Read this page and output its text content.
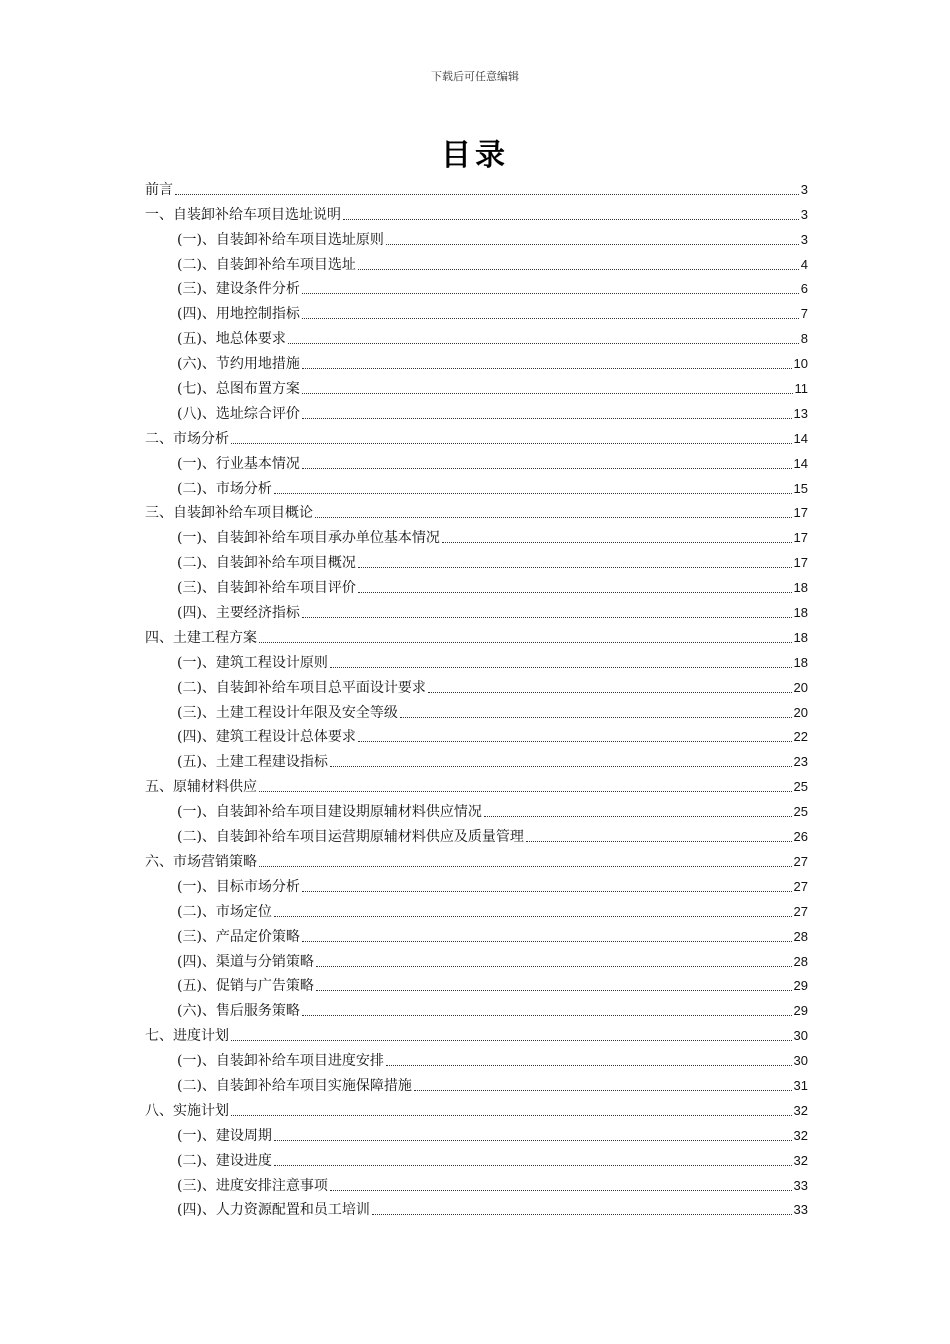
下载后可任意编辑
目录
前言	3
一、自装卸补给车项目选址说明	3
(一)、自装卸补给车项目选址原则	3
(二)、自装卸补给车项目选址	4
(三)、建设条件分析	6
(四)、用地控制指标	7
(五)、地总体要求	8
(六)、节约用地措施	10
(七)、总图布置方案	11
(八)、选址综合评价	13
二、市场分析	14
(一)、行业基本情况	14
(二)、市场分析	15
三、自装卸补给车项目概论	17
(一)、自装卸补给车项目承办单位基本情况	17
(二)、自装卸补给车项目概况	17
(三)、自装卸补给车项目评价	18
(四)、主要经济指标	18
四、土建工程方案	18
(一)、建筑工程设计原则	18
(二)、自装卸补给车项目总平面设计要求	20
(三)、土建工程设计年限及安全等级	20
(四)、建筑工程设计总体要求	22
(五)、土建工程建设指标	23
五、原辅材料供应	25
(一)、自装卸补给车项目建设期原辅材料供应情况	25
(二)、自装卸补给车项目运营期原辅材料供应及质量管理	26
六、市场营销策略	27
(一)、目标市场分析	27
(二)、市场定位	27
(三)、产品定价策略	28
(四)、渠道与分销策略	28
(五)、促销与广告策略	29
(六)、售后服务策略	29
七、进度计划	30
(一)、自装卸补给车项目进度安排	30
(二)、自装卸补给车项目实施保障措施	31
八、实施计划	32
(一)、建设周期	32
(二)、建设进度	32
(三)、进度安排注意事项	33
(四)、人力资源配置和员工培训	33
